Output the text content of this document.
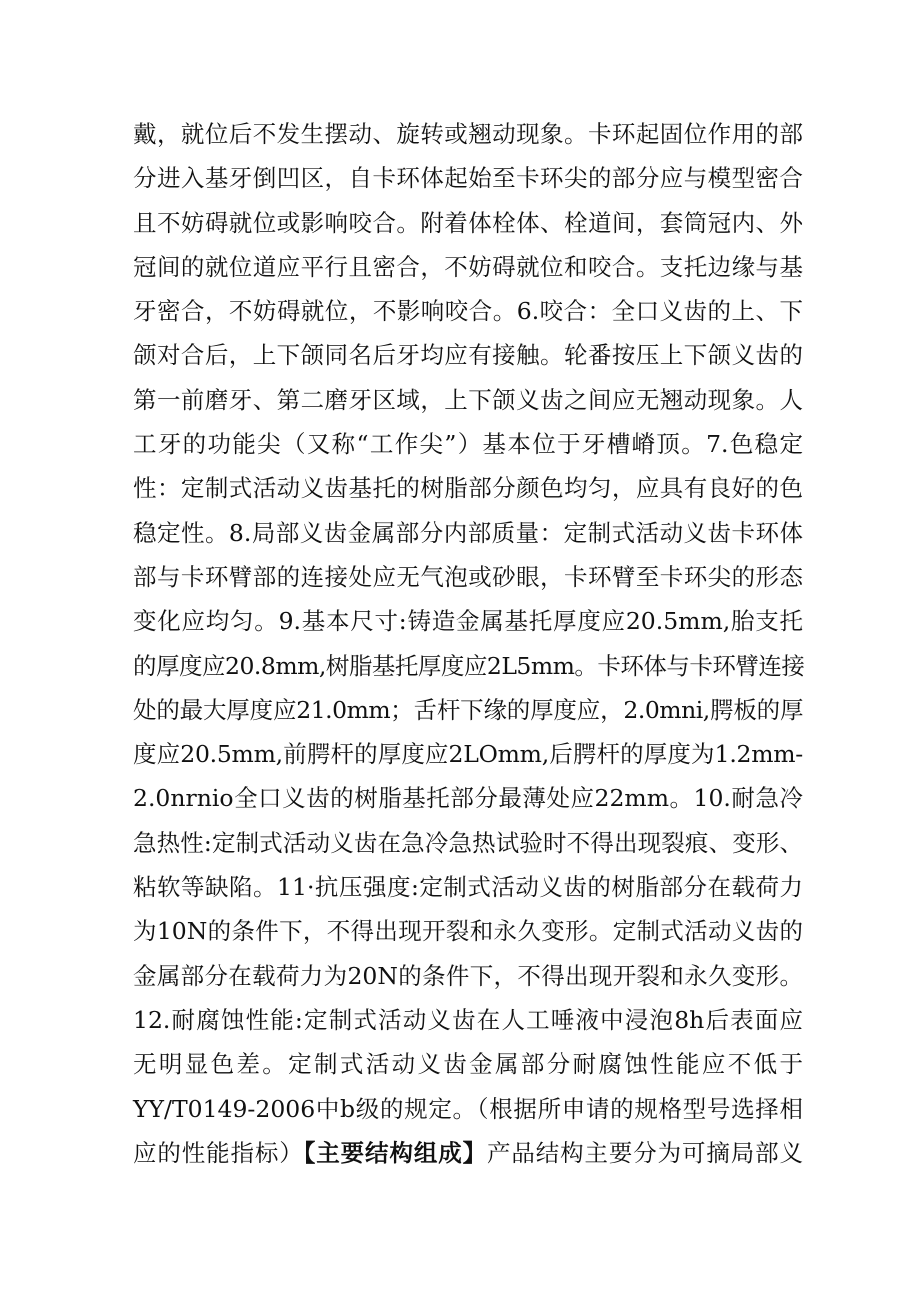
戴，就位后不发生摆动、旋转或翘动现象。卡环起固位作用的部
分进入基牙倒凹区，自卡环体起始至卡环尖的部分应与模型密合
且不妨碍就位或影响咬合。附着体栓体、栓道间，套筒冠内、外
冠间的就位道应平行且密合，不妨碍就位和咬合。支托边缘与基
牙密合，不妨碍就位，不影响咬合。6.咬合：全口义齿的上、下
颌对合后，上下颌同名后牙均应有接触。轮番按压上下颌义齿的
第一前磨牙、第二磨牙区域，上下颌义齿之间应无翘动现象。人
工牙的功能尖（又称“工作尖”）基本位于牙槽嵴顶。7.色稳定
性：定制式活动义齿基托的树脂部分颜色均匀，应具有良好的色
稳定性。8.局部义齿金属部分内部质量：定制式活动义齿卡环体
部与卡环臂部的连接处应无气泡或砂眼，卡环臂至卡环尖的形态
变化应均匀。9.基本尺寸:铸造金属基托厚度应20.5mm,胎支托
的厚度应20.8mm,树脂基托厚度应2L5mm。卡环体与卡环臂连接
处的最大厚度应21.0mm；舌杆下缘的厚度应，2.0mni,腭板的厚
度应20.5mm,前腭杆的厚度应2LOmm,后腭杆的厚度为1.2mm-
2.0nrnio全口义齿的树脂基托部分最薄处应22mm。10.耐急冷
急热性:定制式活动义齿在急冷急热试验时不得出现裂痕、变形、
粘软等缺陷。11·抗压强度:定制式活动义齿的树脂部分在载荷力
为10N的条件下，不得出现开裂和永久变形。定制式活动义齿的
金属部分在载荷力为20N的条件下，不得出现开裂和永久变形。
12.耐腐蚀性能:定制式活动义齿在人工唾液中浸泡8h后表面应
无明显色差。定制式活动义齿金属部分耐腐蚀性能应不低于
YY/T0149-2006中b级的规定。（根据所申请的规格型号选择相
应的性能指标）【主要结构组成】产品结构主要分为可摘局部义
